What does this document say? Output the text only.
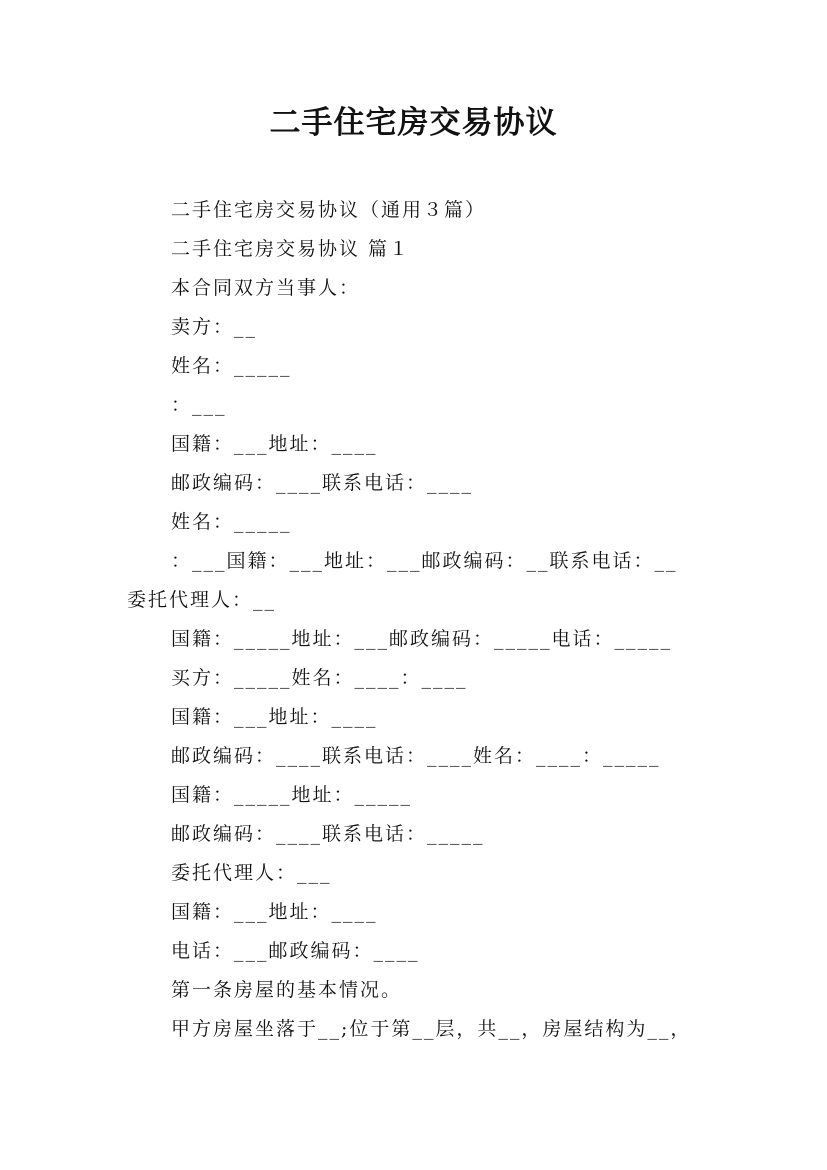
二手住宅房交易协议
二手住宅房交易协议（通用３篇）
二手住宅房交易协议 篇１
本合同双方当事人：
卖方：__
姓名：_____
：___
国籍：___地址：____
邮政编码：____联系电话：____
姓名：_____
：___国籍：___地址：___邮政编码：__联系电话：__
委托代理人：__
国籍：_____地址：___邮政编码：_____电话：_____
买方：_____姓名：____：____
国籍：___地址：____
邮政编码：____联系电话：____姓名：____：_____
国籍：_____地址：_____
邮政编码：____联系电话：_____
委托代理人：___
国籍：___地址：____
电话：___邮政编码：____
第一条房屋的基本情况。
甲方房屋坐落于__;位于第__层，共__，房屋结构为__，
